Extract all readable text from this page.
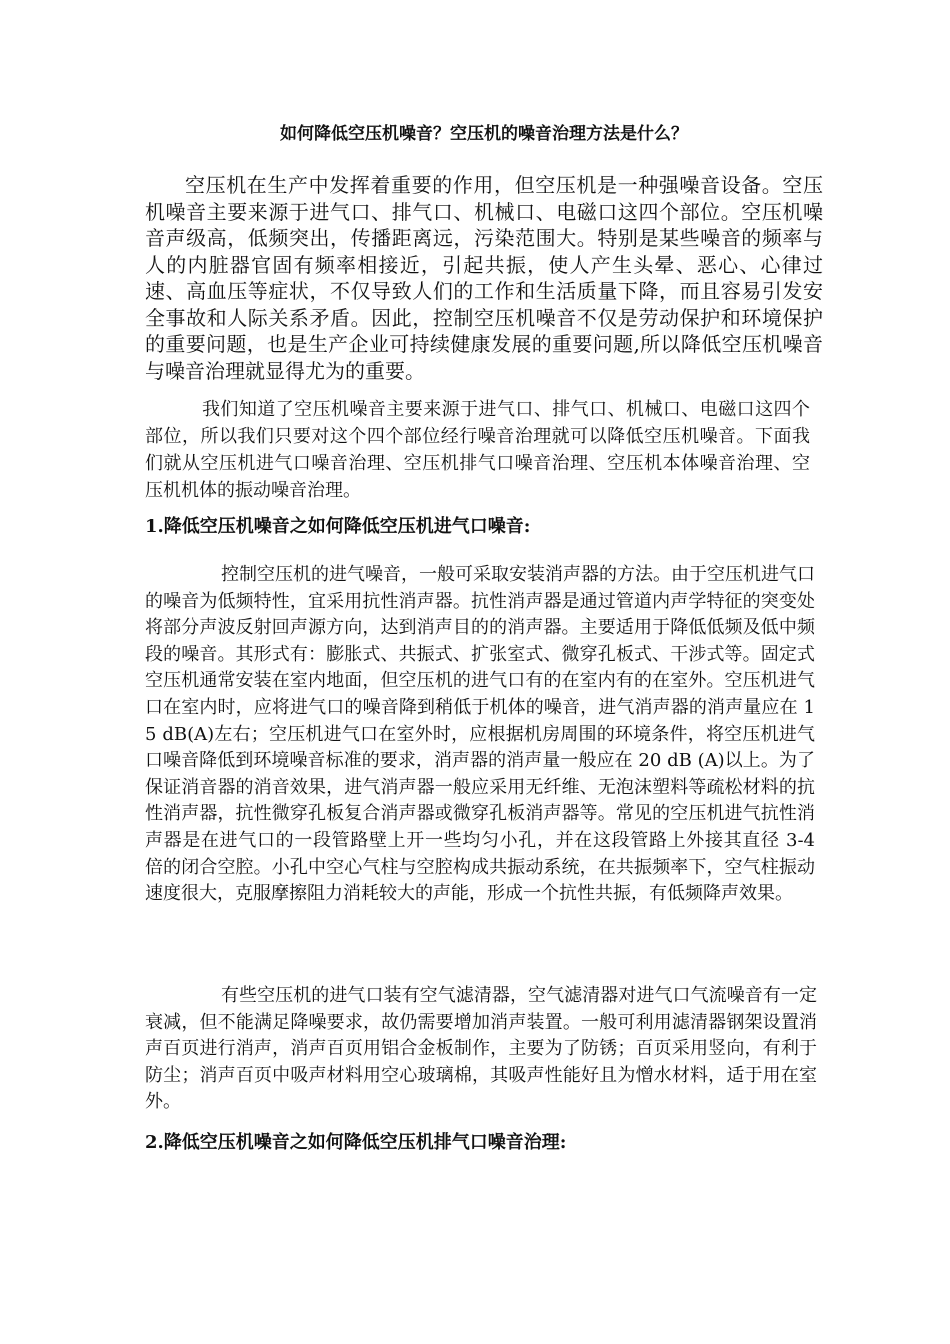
如何降低空压机噪音？空压机的噪音治理方法是什么？

空压机在生产中发挥着重要的作用，但空压机是一种强噪音设备。空压机噪音主要来源于进气口、排气口、机械口、电磁口这四个部位。空压机噪音声级高，低频突出，传播距离远，污染范围大。特别是某些噪音的频率与人的内脏器官固有频率相接近，引起共振，使人产生头晕、恶心、心律过速、高血压等症状，不仅导致人们的工作和生活质量下降，而且容易引发安全事故和人际关系矛盾。因此，控制空压机噪音不仅是劳动保护和环境保护的重要问题，也是生产企业可持续健康发展的重要问题,所以降低空压机噪音与噪音治理就显得尤为的重要。

我们知道了空压机噪音主要来源于进气口、排气口、机械口、电磁口这四个部位，所以我们只要对这个四个部位经行噪音治理就可以降低空压机噪音。下面我们就从空压机进气口噪音治理、空压机排气口噪音治理、空压机本体噪音治理、空压机机体的振动噪音治理。

1.降低空压机噪音之如何降低空压机进气口噪音:

控制空压机的进气噪音，一般可采取安装消声器的方法。由于空压机进气口的噪音为低频特性，宜采用抗性消声器。抗性消声器是通过管道内声学特征的突变处将部分声波反射回声源方向，达到消声目的的消声器。主要适用于降低低频及低中频段的噪音。其形式有：膨胀式、共振式、扩张室式、微穿孔板式、干涉式等。固定式空压机通常安装在室内地面，但空压机的进气口有的在室内有的在室外。空压机进气口在室内时，应将进气口的噪音降到稍低于机体的噪音，进气消声器的消声量应在 15 dB(A)左右；空压机进气口在室外时，应根据机房周围的环境条件，将空压机进气口噪音降低到环境噪音标准的要求，消声器的消声量一般应在 20 dB (A)以上。为了保证消音器的消音效果，进气消声器一般应采用无纤维、无泡沫塑料等疏松材料的抗性消声器，抗性微穿孔板复合消声器或微穿孔板消声器等。常见的空压机进气抗性消声器是在进气口的一段管路壁上开一些均匀小孔，并在这段管路上外接其直径 3-4 倍的闭合空腔。小孔中空心气柱与空腔构成共振动系统，在共振频率下，空气柱振动速度很大，克服摩擦阻力消耗较大的声能，形成一个抗性共振，有低频降声效果。

有些空压机的进气口装有空气滤清器，空气滤清器对进气口气流噪音有一定衰减，但不能满足降噪要求，故仍需要增加消声装置。一般可利用滤清器钢架设置消声百页进行消声，消声百页用铝合金板制作，主要为了防锈；百页采用竖向，有利于防尘；消声百页中吸声材料用空心玻璃棉，其吸声性能好且为憎水材料，适于用在室外。

2.降低空压机噪音之如何降低空压机排气口噪音治理:
